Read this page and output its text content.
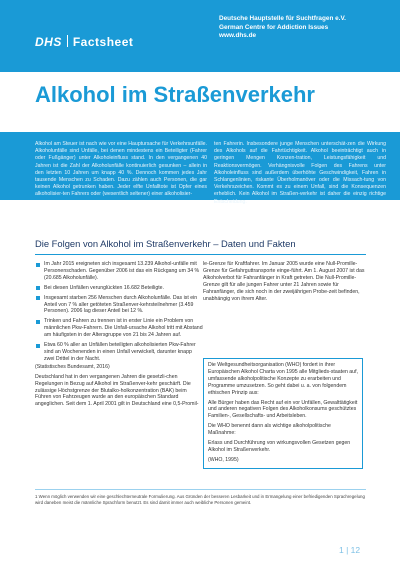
DHS Factsheet
Deutsche Hauptstelle für Suchtfragen e.V.
German Centre for Addiction Issues
www.dhs.de
Alkohol im Straßenverkehr
Alkohol am Steuer ist nach wie vor eine Hauptursache für Verkehrsunfälle. Alkoholunfälle sind Unfälle, bei denen mindestens ein Beteiligter (Fahrer oder Fußgänger) unter Alkoholeinfluss stand. In den vergangenen 40 Jahren ist die Zahl der Alkoholunfälle kontinuierlich gesunken – allein in den letzten 10 Jahren um knapp 40 %. Dennoch kommen jedes Jahr tausende Menschen zu Schaden. Dazu zählen auch Personen, die gar keinen Alkohol getrunken haben. Jeder elfte Unfalltote ist Opfer eines alkoholisier-ten Fahrers oder (wesentlich seltener) einer alkoholisier-
ten Fahrerin. Insbesondere junge Menschen unterschät-zen die Wirkung des Alkohols auf die Fahrtüchtigkeit. Alkohol beeinträchtigt auch in geringen Mengen Konzen-tration, Leistungsfähigkeit und Reaktionsvermögen. Verhängnisvolle Folgen des Fahrens unter Alkoholeinfluss sind außerdem überhöhte Geschwindigkeit, Fahren in Schlangenlinien, riskante Überholmanöver oder die Missach-tung von Verkehrszeichen. Kommt es zu einem Unfall, sind die Konsequenzen erheblich. Kein Alkohol im Straßen-verkehr ist daher die einzig richtige Entscheidung.
Die Folgen von Alkohol im Straßenverkehr – Daten und Fakten
Im Jahr 2015 ereigneten sich insgesamt 13.239 Alkohol-unfälle mit Personenschaden. Gegenüber 2006 ist das ein Rückgang um 34 % (20.685 Alkoholunfälle).
Bei diesen Unfällen verunglückten 16.682 Beteiligte.
Insgesamt starben 256 Menschen durch Alkoholunfälle. Das ist ein Anteil von 7 % aller getöteten Straßenver-kehrsteilnehmer (3.459 Personen). 2006 lag dieser Anteil bei 12 %.
Trinken und Fahren zu trennen ist in erster Linie ein Problem von männlichen Pkw-Fahrern. Die Unfall-ursache Alkohol tritt mit Abstand am häufigsten in der Altersgruppe von 21 bis 24 Jahren auf.
Etwa 60 % aller an Unfällen beteiligten alkoholisierten Pkw-Fahrer sind an Wochenenden in einen Unfall verwickelt, darunter knapp zwei Drittel in der Nacht.

(Statistisches Bundesamt, 2016)

Deutschland hat in den vergangenen Jahren die gesetzli-chen Regelungen in Bezug auf Alkohol im Straßenver-kehr geschärft. Die zulässige Höchstgrenze der Blutalko-holkonzentration (BAK) beim Führen von Fahrzeugen wurde an den europäischen Standard angeglichen. Seit dem 1. April 2001 gilt in Deutschland eine 0,5-Promil-

le-Grenze für Kraftfahrer. Im Januar 2005 wurde eine Null-Promille-Grenze für Gefahrguttransporte einge-führt. Am 1. August 2007 ist das Alkoholverbot für Fahranfänger in Kraft getreten. Die Null-Promille-Grenze gilt für alle jungen Fahrer unter 21 Jahren sowie für Fahranfänger, die sich noch in der zweijährigen Probe-zeit befinden, unabhängig von ihrem Alter.

Die Weltgesundheitsorganisation (WHO) fordert in ihrer Europäischen Alkohol Charta von 1995 alle Mitglieds-staaten auf, umfassende alkoholpolitische Konzepte zu erarbeiten und Programme umzusetzen. So geht dabei u. a. von folgendem ethischen Prinzip aus:

Alle Bürger haben das Recht auf ein vor Unfällen, Gewalttätigkeit und anderen negativen Folgen des Alkoholkonsums geschütztes Familien-, Gesellschafts- und Arbeitsleben.

Die WHO benennt dann als wichtige alkoholpolitische Maßnahme:

Erlass und Durchführung von wirkungsvollen Gesetzen gegen Alkohol im Straßenverkehr.

(WHO, 1995)

1 Wenn möglich verwenden wir eine geschlechterneutrale Formulierung. Aus Gründen der besseren Lesbarkeit und in Ermangelung einer befriedigenden Sprachregelung wird daneben meist die männliche Sprachform benutzt. Es sind damit immer auch weibliche Personen gemeint.
1 | 12
